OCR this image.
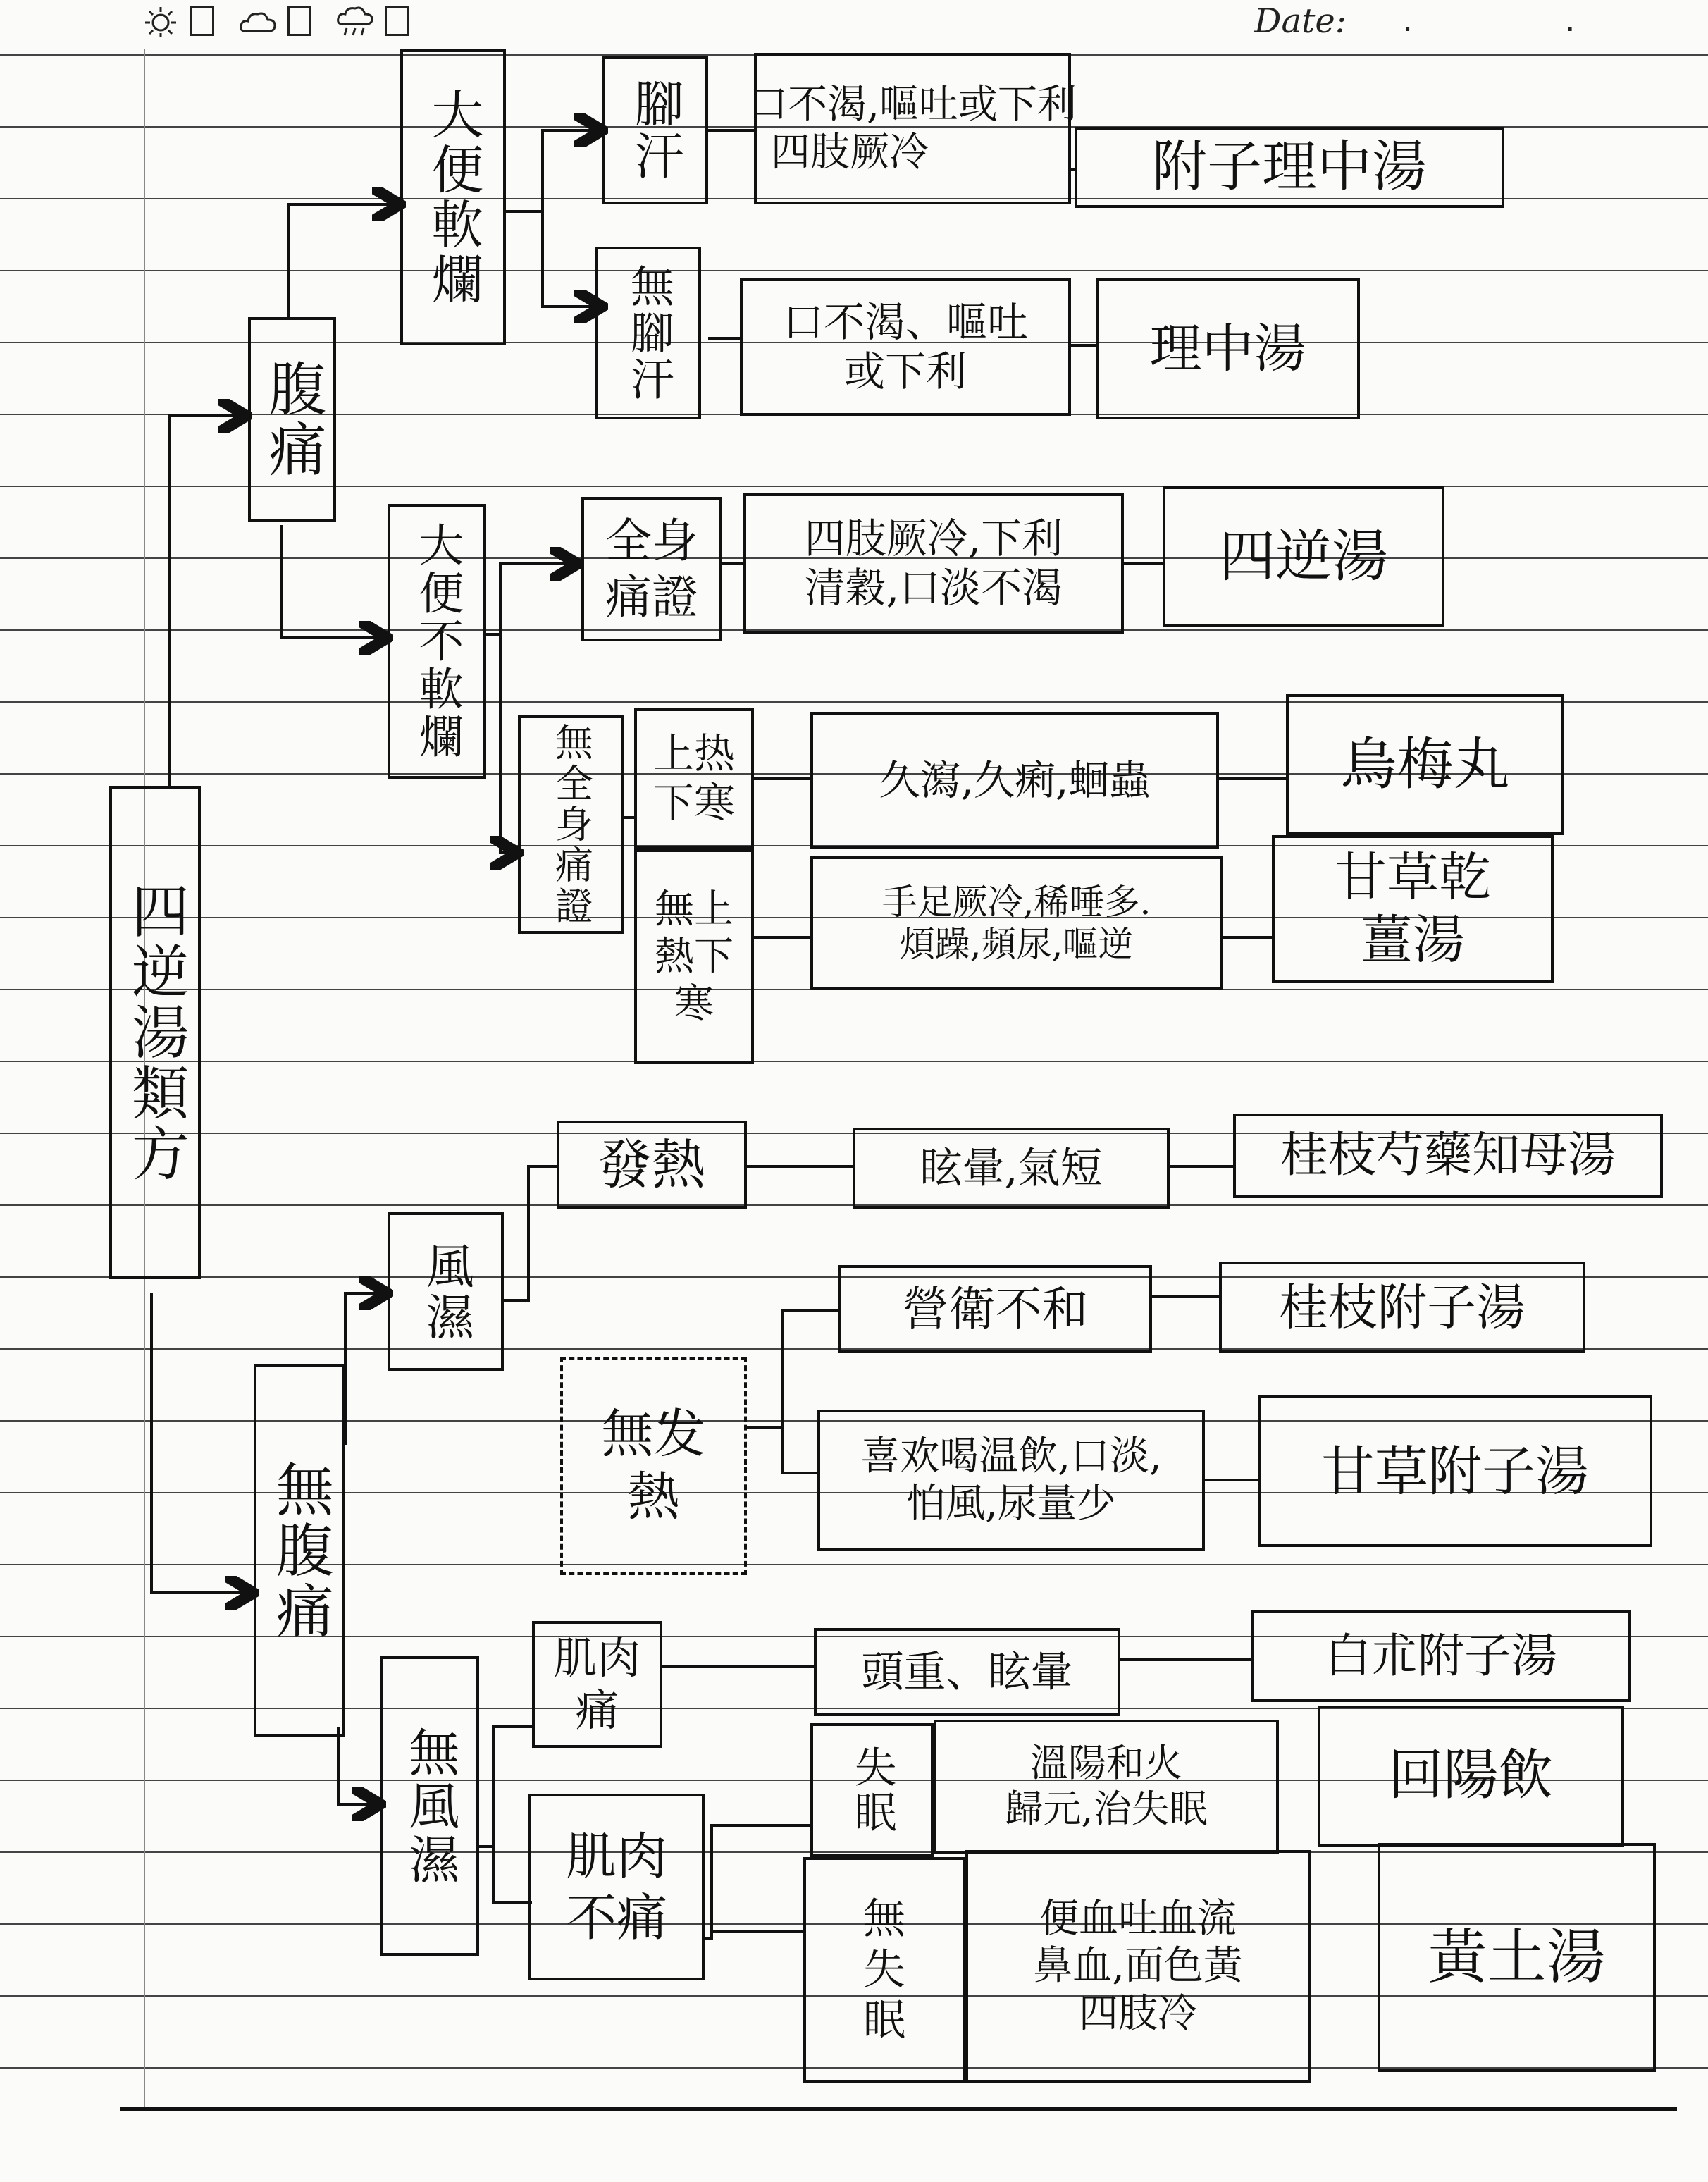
Date: . .
四逆湯類方
腹痛
大便軟爛	腳汗
無腳汗
口不渴,嘔吐或下利
四肢厥冷	附子理中湯
口不渴、嘔吐
或下利	理中湯
大便不軟爛	全身
痛證
四肢厥冷,下利
清穀,口淡不渴	四逆湯
無全身痛證 上热
下寒
無上
熱下
寒
久瀉,久痢,蛔蟲	烏梅丸
手足厥冷,稀唾多.
煩躁,頻尿,嘔逆
甘草乾
薑湯
無腹痛
風濕
發熱	眩暈,氣短	桂枝芍藥知母湯
無发
熱
營衛不和	桂枝附子湯
喜欢喝温飲,口淡,
怕風,尿量少
甘草附子湯
無風濕
肌肉
痛
肌肉
不痛
頭重、眩暈	白朮附子湯
失眠	溫陽和火
歸元,治失眠
回陽飲
無
失
眠
便血吐血流
鼻血,面色黃
四肢冷
黃土湯
